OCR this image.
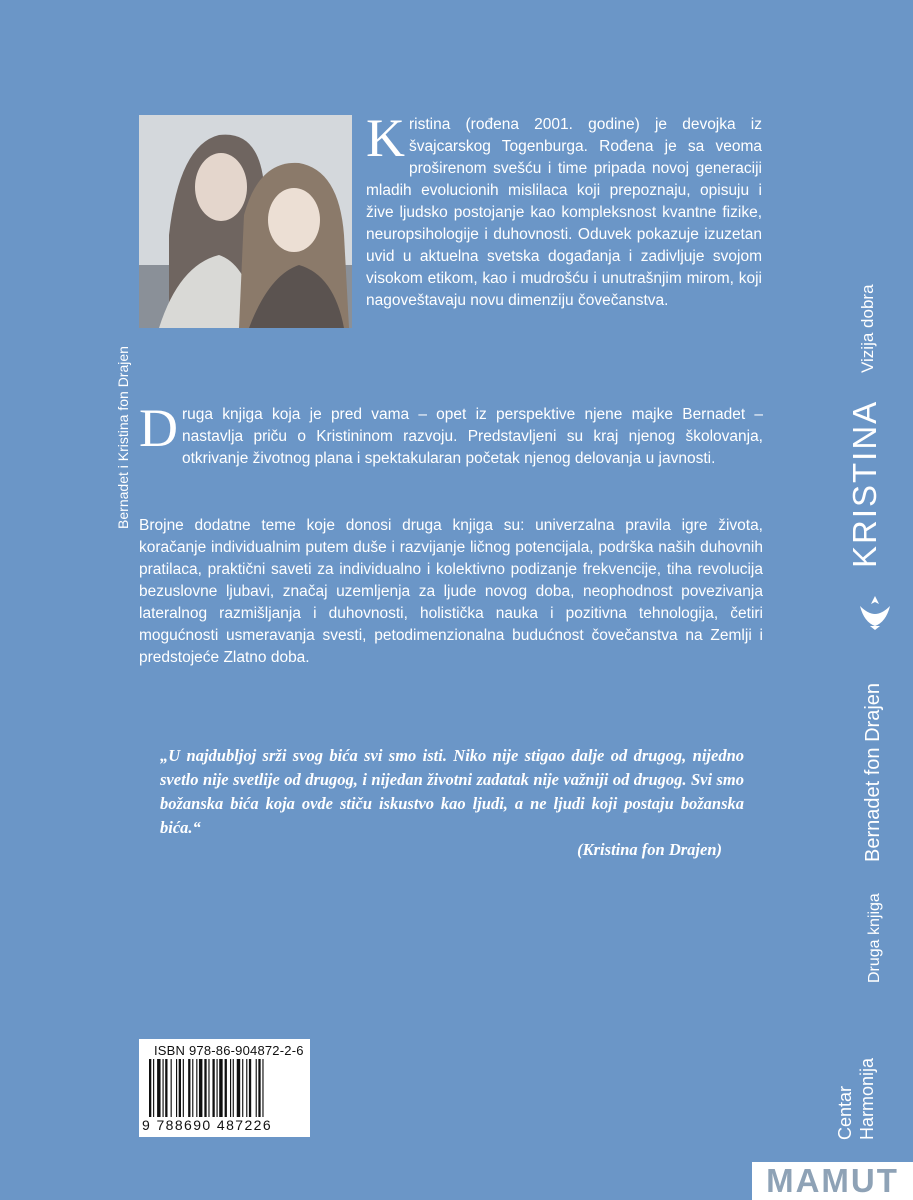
Bernadet i Kristina fon Drajen
K ristina (rođena 2001. godine) je devojka iz švajcarskog Togenburga. Rođena je sa veoma proširenom svešću i time pripada novoj generaciji mladih evolucionih mislilaca koji prepoznaju, opisuju i žive ljudsko postojanje kao kompleksnost kvantne fizike, neuropsihologije i duhovnosti. Oduvek pokazuje izuzetan uvid u aktuelna svetska događanja i zadivljuje svojom visokom etikom, kao i mudrošću i unutrašnjim mirom, koji nagoveštavaju novu dimenziju čovečanstva.
D ruga knjiga koja je pred vama – opet iz perspektive njene majke Bernadet – nastavlja priču o Kristininom razvoju. Predstavljeni su kraj njenog školovanja, otkrivanje životnog plana i spektakularan početak njenog delovanja u javnosti.
Brojne dodatne teme koje donosi druga knjiga su: univerzalna pravila igre života, koračanje individualnim putem duše i razvijanje ličnog potencijala, podrška naših duhovnih pratilaca, praktični saveti za individualno i kolektivno podizanje frekvencije, tiha revolucija bezuslovne ljubavi, značaj uzemljenja za ljude novog doba, neophodnost povezivanja lateralnog razmišljanja i duhovnosti, holistička nauka i pozitivna tehnologija, četiri mogućnosti usmeravanja svesti, petodimenzionalna budućnost čovečanstva na Zemlji i predstojeće Zlatno doba.
„U najdubljoj srži svog bića svi smo isti. Niko nije stigao dalje od drugog, nijedno svetlo nije svetlije od drugog, i nijedan životni zadatak nije važniji od drugog. Svi smo božanska bića koja ovde stiču iskustvo kao ljudi, a ne ljudi koji postaju božanska bića.“
(Kristina fon Drajen)
ISBN 978-86-904872-2-6
9 788690 487226
Vizija dobra
KRISTINA
Bernadet fon Drajen
Druga knjiga
Centar Harmonija
MAMUT
